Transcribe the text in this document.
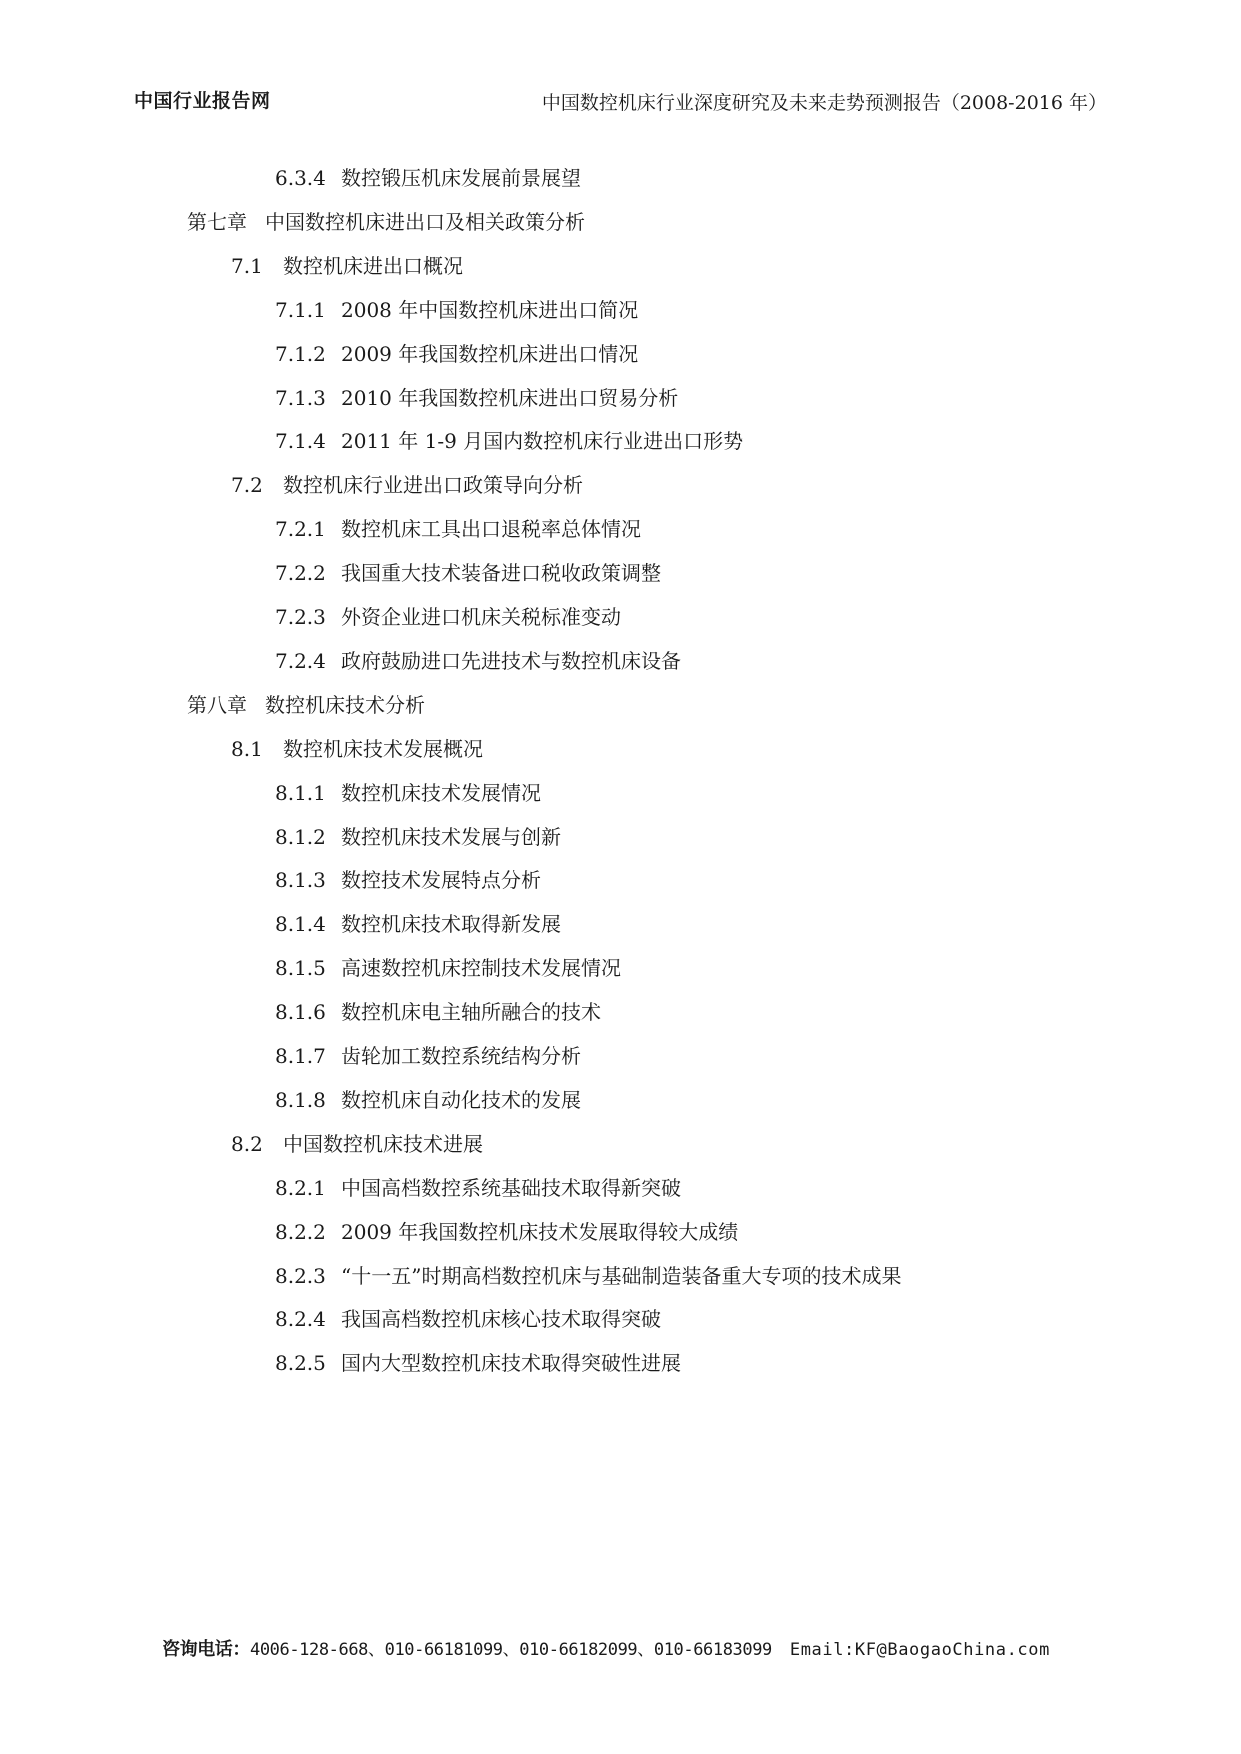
中国行业报告网	中国数控机床行业深度研究及未来走势预测报告（2008-2016 年）
6.3.4 数控锻压机床发展前景展望
第七章 中国数控机床进出口及相关政策分析
7.1 数控机床进出口概况
7.1.1 2008 年中国数控机床进出口简况
7.1.2 2009 年我国数控机床进出口情况
7.1.3 2010 年我国数控机床进出口贸易分析
7.1.4 2011 年 1-9 月国内数控机床行业进出口形势
7.2 数控机床行业进出口政策导向分析
7.2.1 数控机床工具出口退税率总体情况
7.2.2 我国重大技术装备进口税收政策调整
7.2.3 外资企业进口机床关税标准变动
7.2.4 政府鼓励进口先进技术与数控机床设备
第八章 数控机床技术分析
8.1 数控机床技术发展概况
8.1.1 数控机床技术发展情况
8.1.2 数控机床技术发展与创新
8.1.3 数控技术发展特点分析
8.1.4 数控机床技术取得新发展
8.1.5 高速数控机床控制技术发展情况
8.1.6 数控机床电主轴所融合的技术
8.1.7 齿轮加工数控系统结构分析
8.1.8 数控机床自动化技术的发展
8.2 中国数控机床技术进展
8.2.1 中国高档数控系统基础技术取得新突破
8.2.2 2009 年我国数控机床技术发展取得较大成绩
8.2.3 “十一五”时期高档数控机床与基础制造装备重大专项的技术成果
8.2.4 我国高档数控机床核心技术取得突破
8.2.5 国内大型数控机床技术取得突破性进展
咨询电话：4006-128-668、010-66181099、010-66182099、010-66183099 Email:KF@BaogaoChina.com
